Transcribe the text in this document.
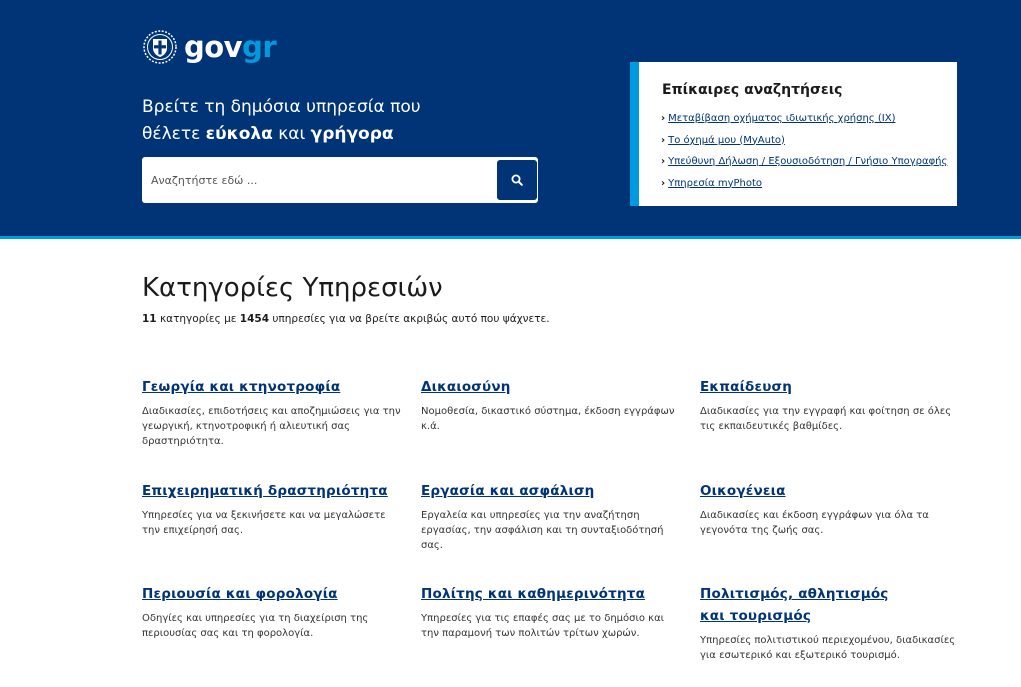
govgr
Βρείτε τη δημόσια υπηρεσία που
θέλετε εύκολα και γρήγορα
Αναζητήστε εδώ ...
Επίκαιρες αναζητήσεις
› Μεταβίβαση οχήματος ιδιωτικής χρήσης (ΙΧ)
› Το όχημά μου (MyAuto)
› Υπεύθυνη Δήλωση / Εξουσιοδότηση / Γνήσιο Υπογραφής
› Υπηρεσία myPhoto
Κατηγορίες Υπηρεσιών

11 κατηγορίες με 1454 υπηρεσίες για να βρείτε ακριβώς αυτό που ψάχνετε.

Γεωργία και κτηνοτροφία

Διαδικασίες, επιδοτήσεις και αποζημιώσεις για την γεωργική, κτηνοτροφική ή αλιευτική σας δραστηριότητα.

Δικαιοσύνη

Νομοθεσία, δικαστικό σύστημα, έκδοση εγγράφων κ.ά.

Εκπαίδευση

Διαδικασίες για την εγγραφή και φοίτηση σε όλες τις εκπαιδευτικές βαθμίδες.

Επιχειρηματική δραστηριότητα

Υπηρεσίες για να ξεκινήσετε και να μεγαλώσετε την επιχείρησή σας.

Εργασία και ασφάλιση

Εργαλεία και υπηρεσίες για την αναζήτηση εργασίας, την ασφάλιση και τη συνταξιοδότησή σας.

Οικογένεια

Διαδικασίες και έκδοση εγγράφων για όλα τα γεγονότα της ζωής σας.

Περιουσία και φορολογία

Οδηγίες και υπηρεσίες για τη διαχείριση της περιουσίας σας και τη φορολογία.

Πολίτης και καθημερινότητα

Υπηρεσίες για τις επαφές σας με το δημόσιο και την παραμονή των πολιτών τρίτων χωρών.

Πολιτισμός, αθλητισμός και τουρισμός

Υπηρεσίες πολιτιστικού περιεχομένου, διαδικασίες για εσωτερικό και εξωτερικό τουρισμό.
